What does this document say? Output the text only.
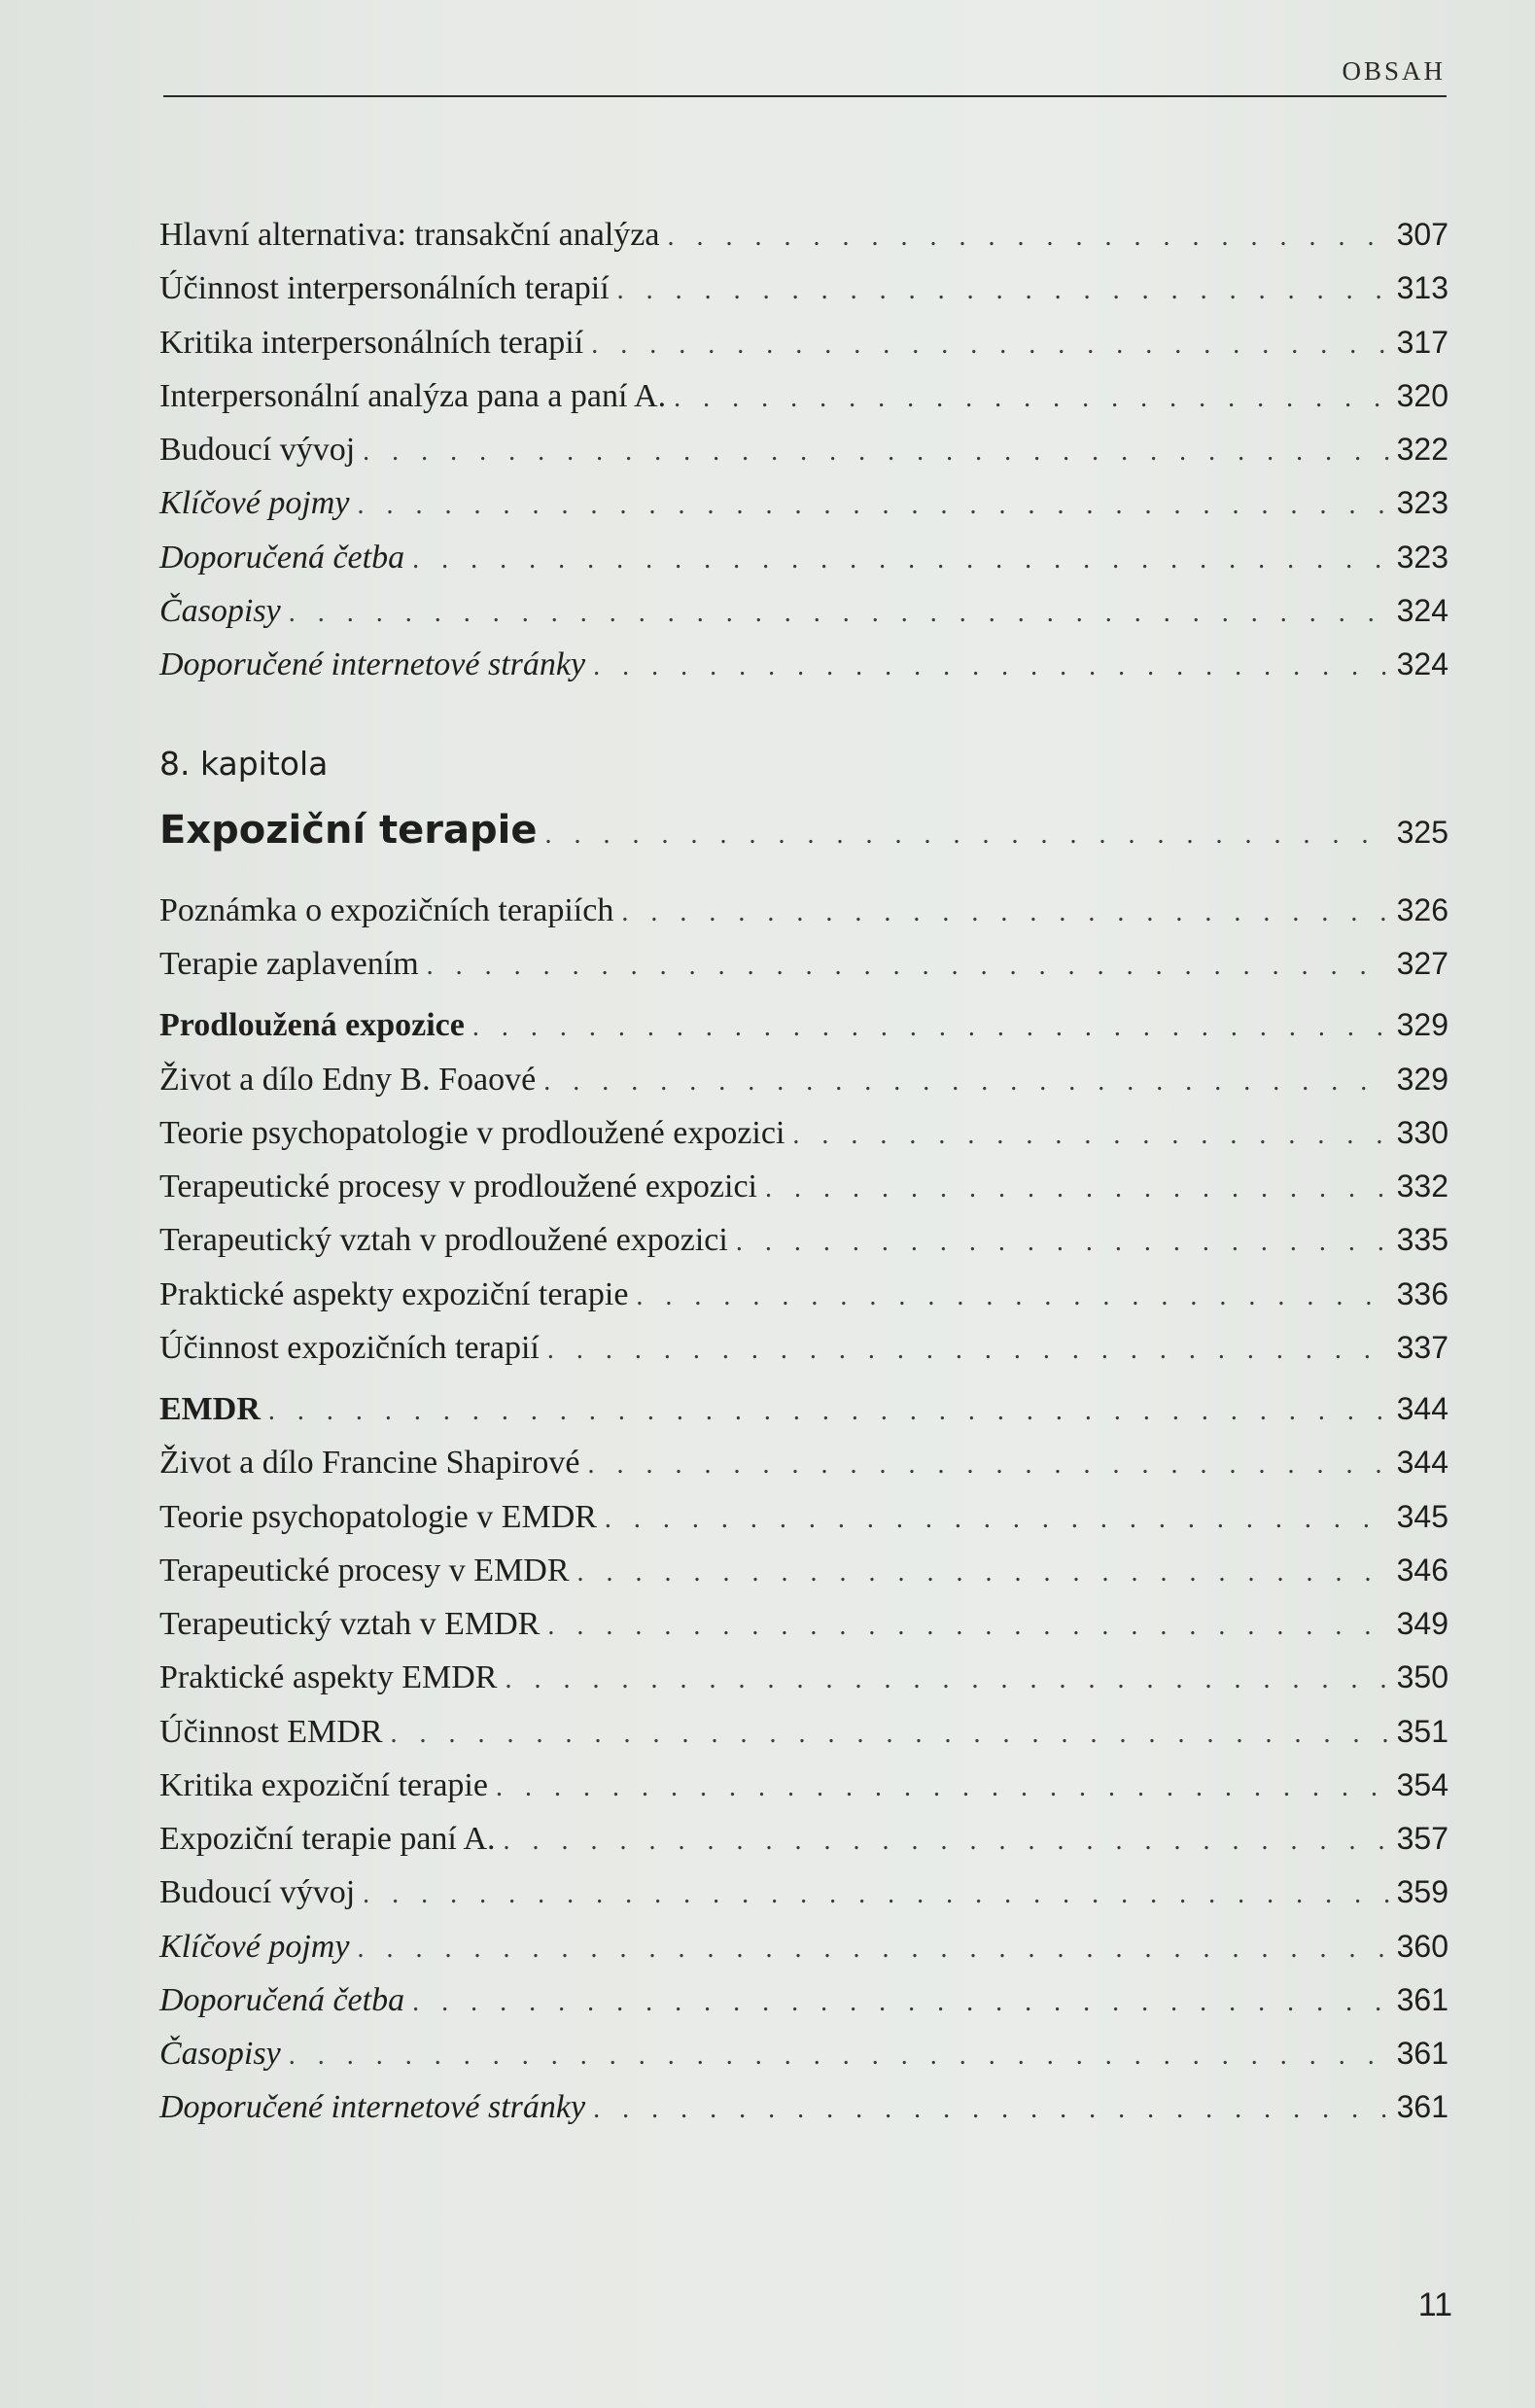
OBSAH
Hlavní alternativa: transakční analýza . . .	307
Účinnost interpersonálních terapií . . .	313
Kritika interpersonálních terapií . . .	317
Interpersonální analýza pana a paní A. . . .	320
Budoucí vývoj . . .	322
Klíčové pojmy . . .	323
Doporučená četba . . .	323
Časopisy . . .	324
Doporučené internetové stránky . . .	324
8. kapitola
Expoziční terapie . . .	325
Poznámka o expozičních terapiích . . .	326
Terapie zaplavením . . .	327
Prodloužená expozice . . .	329
Život a dílo Edny B. Foaové . . .	329
Teorie psychopatologie v prodloužené expozici . . .	330
Terapeutické procesy v prodloužené expozici . . .	332
Terapeutický vztah v prodloužené expozici . . .	335
Praktické aspekty expoziční terapie . . .	336
Účinnost expozičních terapií . . .	337
EMDR . . .	344
Život a dílo Francine Shapirové . . .	344
Teorie psychopatologie v EMDR . . .	345
Terapeutické procesy v EMDR . . .	346
Terapeutický vztah v EMDR . . .	349
Praktické aspekty EMDR . . .	350
Účinnost EMDR . . .	351
Kritika expoziční terapie . . .	354
Expoziční terapie paní A. . . .	357
Budoucí vývoj . . .	359
Klíčové pojmy . . .	360
Doporučená četba . . .	361
Časopisy . . .	361
Doporučené internetové stránky . . .	361
11
